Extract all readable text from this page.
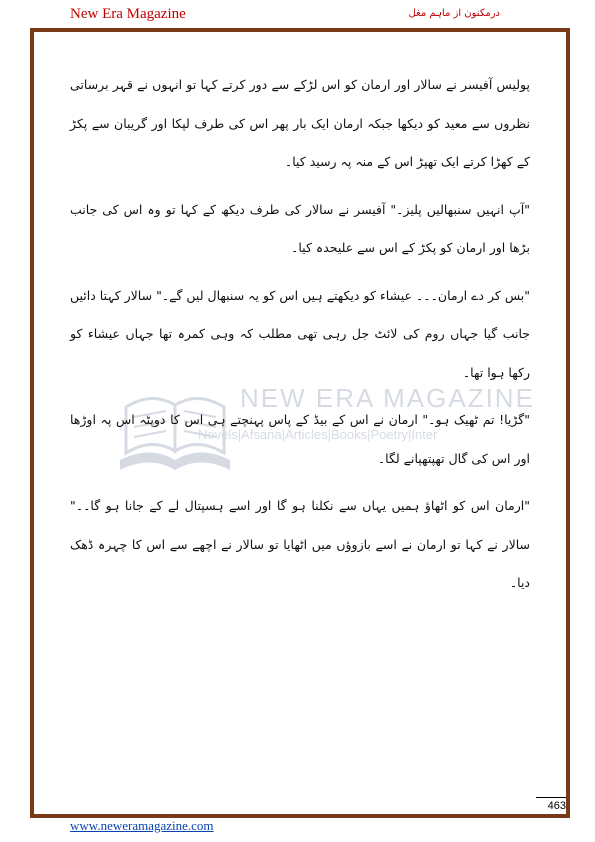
New Era Magazine	درمکنون از ماہم مغل
NEW ERA MAGAZINE
Novels|Afsana|Articles|Books|Poetry|Inter

پولیس آفیسر نے سالار اور ارمان کو اس لڑکے سے دور کرتے کہا تو انہوں نے قہر برساتی نظروں سے معید کو دیکھا جبکہ ارمان ایک بار پھر اس کی طرف لپکا اور گریبان سے پکڑ کے کھڑا کرتے ایک تھپڑ اس کے منہ پہ رسید کیا۔

"آپ انہیں سنبھالیں پلیز۔" آفیسر نے سالار کی طرف دیکھ کے کہا تو وہ اس کی جانب بڑھا اور ارمان کو پکڑ کے اس سے علیحدہ کیا۔

"بس کر دے ارمان۔۔۔ عیشاء کو دیکھتے ہیں اس کو یہ سنبھال لیں گے۔" سالار کہتا دائیں جانب گیا جہاں روم کی لائٹ جل رہی تھی مطلب کہ وہی کمرہ تھا جہاں عیشاء کو رکھا ہوا تھا۔

"گڑیا! تم ٹھیک ہو۔" ارمان نے اس کے بیڈ کے پاس پہنچتے ہی اس کا دوپٹہ اس پہ اوڑھا اور اس کی گال تھپتھپانے لگا۔

"ارمان اس کو اٹھاؤ ہمیں یہاں سے نکلنا ہو گا اور اسے ہسپتال لے کے جانا ہو گا۔۔" سالار نے کہا تو ارمان نے اسے بازوؤں میں اٹھایا تو سالار نے اچھے سے اس کا چہرہ ڈھک دیا۔

463
www.neweramagazine.com
